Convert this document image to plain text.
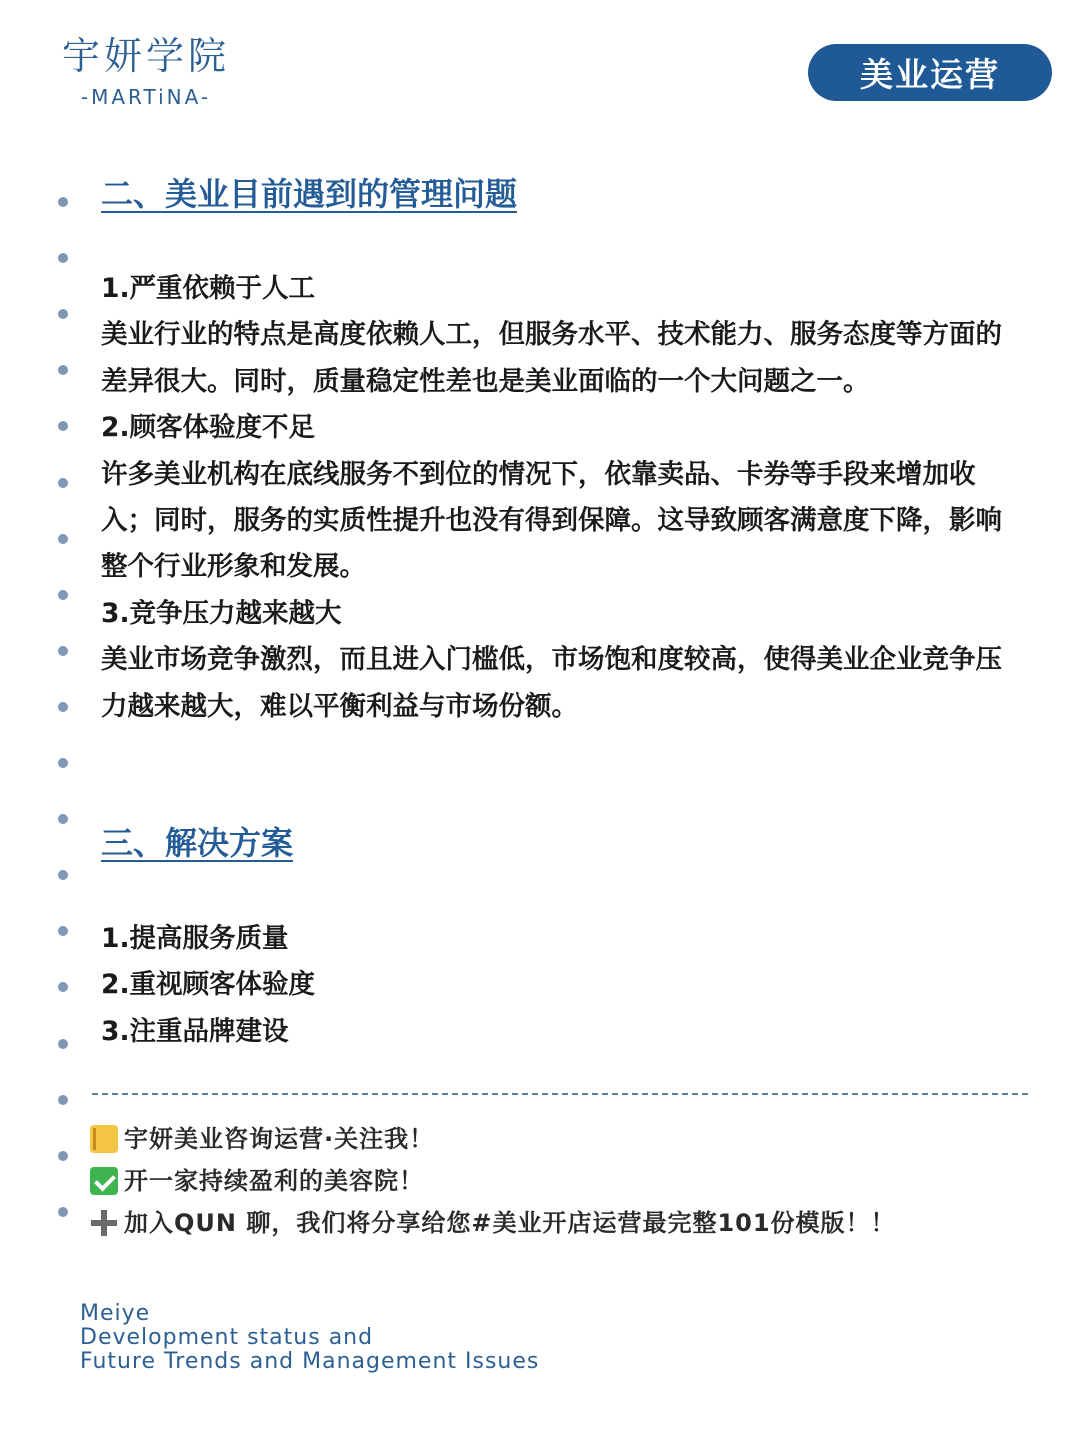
宇妍学院
-MARTiNA-
美业运营
二、美业目前遇到的管理问题
1.严重依赖于人工
美业行业的特点是高度依赖人工，但服务水平、技术能力、服务态度等方面的差异很大。同时，质量稳定性差也是美业面临的一个大问题之一。
2.顾客体验度不足
许多美业机构在底线服务不到位的情况下，依靠卖品、卡券等手段来增加收入；同时，服务的实质性提升也没有得到保障。这导致顾客满意度下降，影响整个行业形象和发展。
3.竞争压力越来越大
美业市场竞争激烈，而且进入门槛低，市场饱和度较高，使得美业企业竞争压力越来越大，难以平衡利益与市场份额。
三、解决方案
1.提高服务质量
2.重视顾客体验度
3.注重品牌建设
宇妍美业咨询运营·关注我！
开一家持续盈利的美容院！
加入QUN 聊，我们将分享给您#美业开店运营最完整101份模版！！
Meiye
Development status and
Future Trends and Management Issues
